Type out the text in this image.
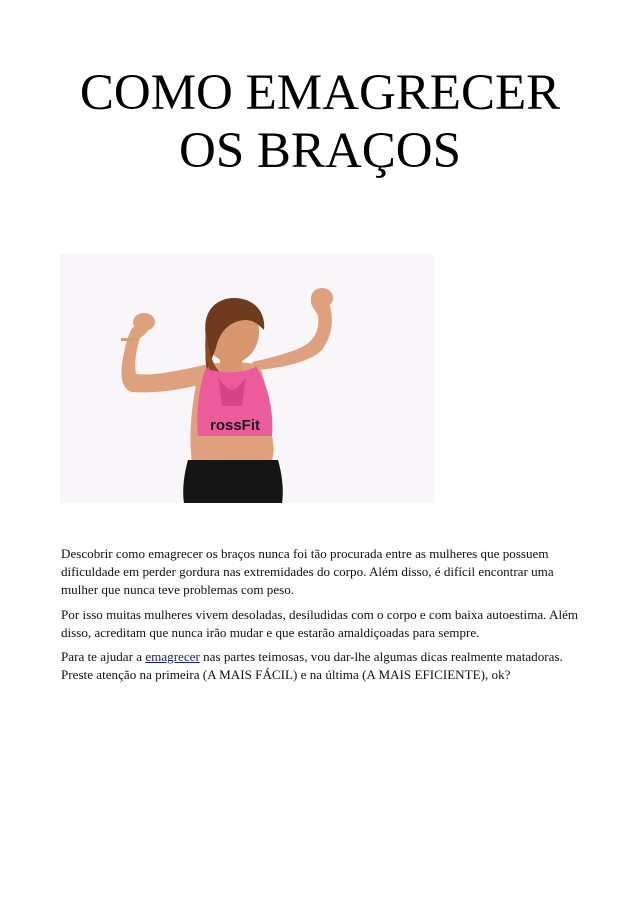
COMO EMAGRECER
OS BRAÇOS
rossFit

Descobrir como emagrecer os braços nunca foi tão procurada entre as mulheres que possuem dificuldade em perder gordura nas extremidades do corpo. Além disso, é difícil encontrar uma mulher que nunca teve problemas com peso.

Por isso muitas mulheres vivem desoladas, desiludidas com o corpo e com baixa autoestima. Além disso, acreditam que nunca irão mudar e que estarão amaldiçoadas para sempre.

Para te ajudar a emagrecer nas partes teimosas, vou dar-lhe algumas dicas realmente matadoras. Preste atenção na primeira (A MAIS FÁCIL) e na última (A MAIS EFICIENTE), ok?
